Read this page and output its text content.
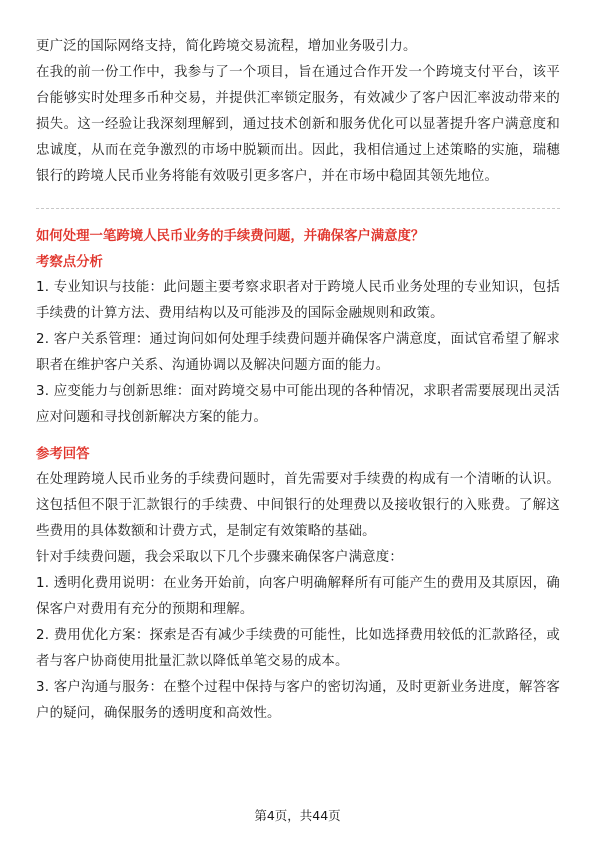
更广泛的国际网络支持，简化跨境交易流程，增加业务吸引力。

在我的前一份工作中，我参与了一个项目，旨在通过合作开发一个跨境支付平台，该平台能够实时处理多币种交易，并提供汇率锁定服务，有效减少了客户因汇率波动带来的损失。这一经验让我深刻理解到，通过技术创新和服务优化可以显著提升客户满意度和忠诚度，从而在竞争激烈的市场中脱颖而出。因此，我相信通过上述策略的实施，瑞穗银行的跨境人民币业务将能有效吸引更多客户，并在市场中稳固其领先地位。

如何处理一笔跨境人民币业务的手续费问题，并确保客户满意度？

考察点分析

1. 专业知识与技能：此问题主要考察求职者对于跨境人民币业务处理的专业知识，包括手续费的计算方法、费用结构以及可能涉及的国际金融规则和政策。

2. 客户关系管理：通过询问如何处理手续费问题并确保客户满意度，面试官希望了解求职者在维护客户关系、沟通协调以及解决问题方面的能力。

3. 应变能力与创新思维：面对跨境交易中可能出现的各种情况，求职者需要展现出灵活应对问题和寻找创新解决方案的能力。

参考回答

在处理跨境人民币业务的手续费问题时，首先需要对手续费的构成有一个清晰的认识。这包括但不限于汇款银行的手续费、中间银行的处理费以及接收银行的入账费。了解这些费用的具体数额和计费方式，是制定有效策略的基础。

针对手续费问题，我会采取以下几个步骤来确保客户满意度：

1. 透明化费用说明：在业务开始前，向客户明确解释所有可能产生的费用及其原因，确保客户对费用有充分的预期和理解。

2. 费用优化方案：探索是否有减少手续费的可能性，比如选择费用较低的汇款路径，或者与客户协商使用批量汇款以降低单笔交易的成本。

3. 客户沟通与服务：在整个过程中保持与客户的密切沟通，及时更新业务进度，解答客户的疑问，确保服务的透明度和高效性。

第4页，共44页
